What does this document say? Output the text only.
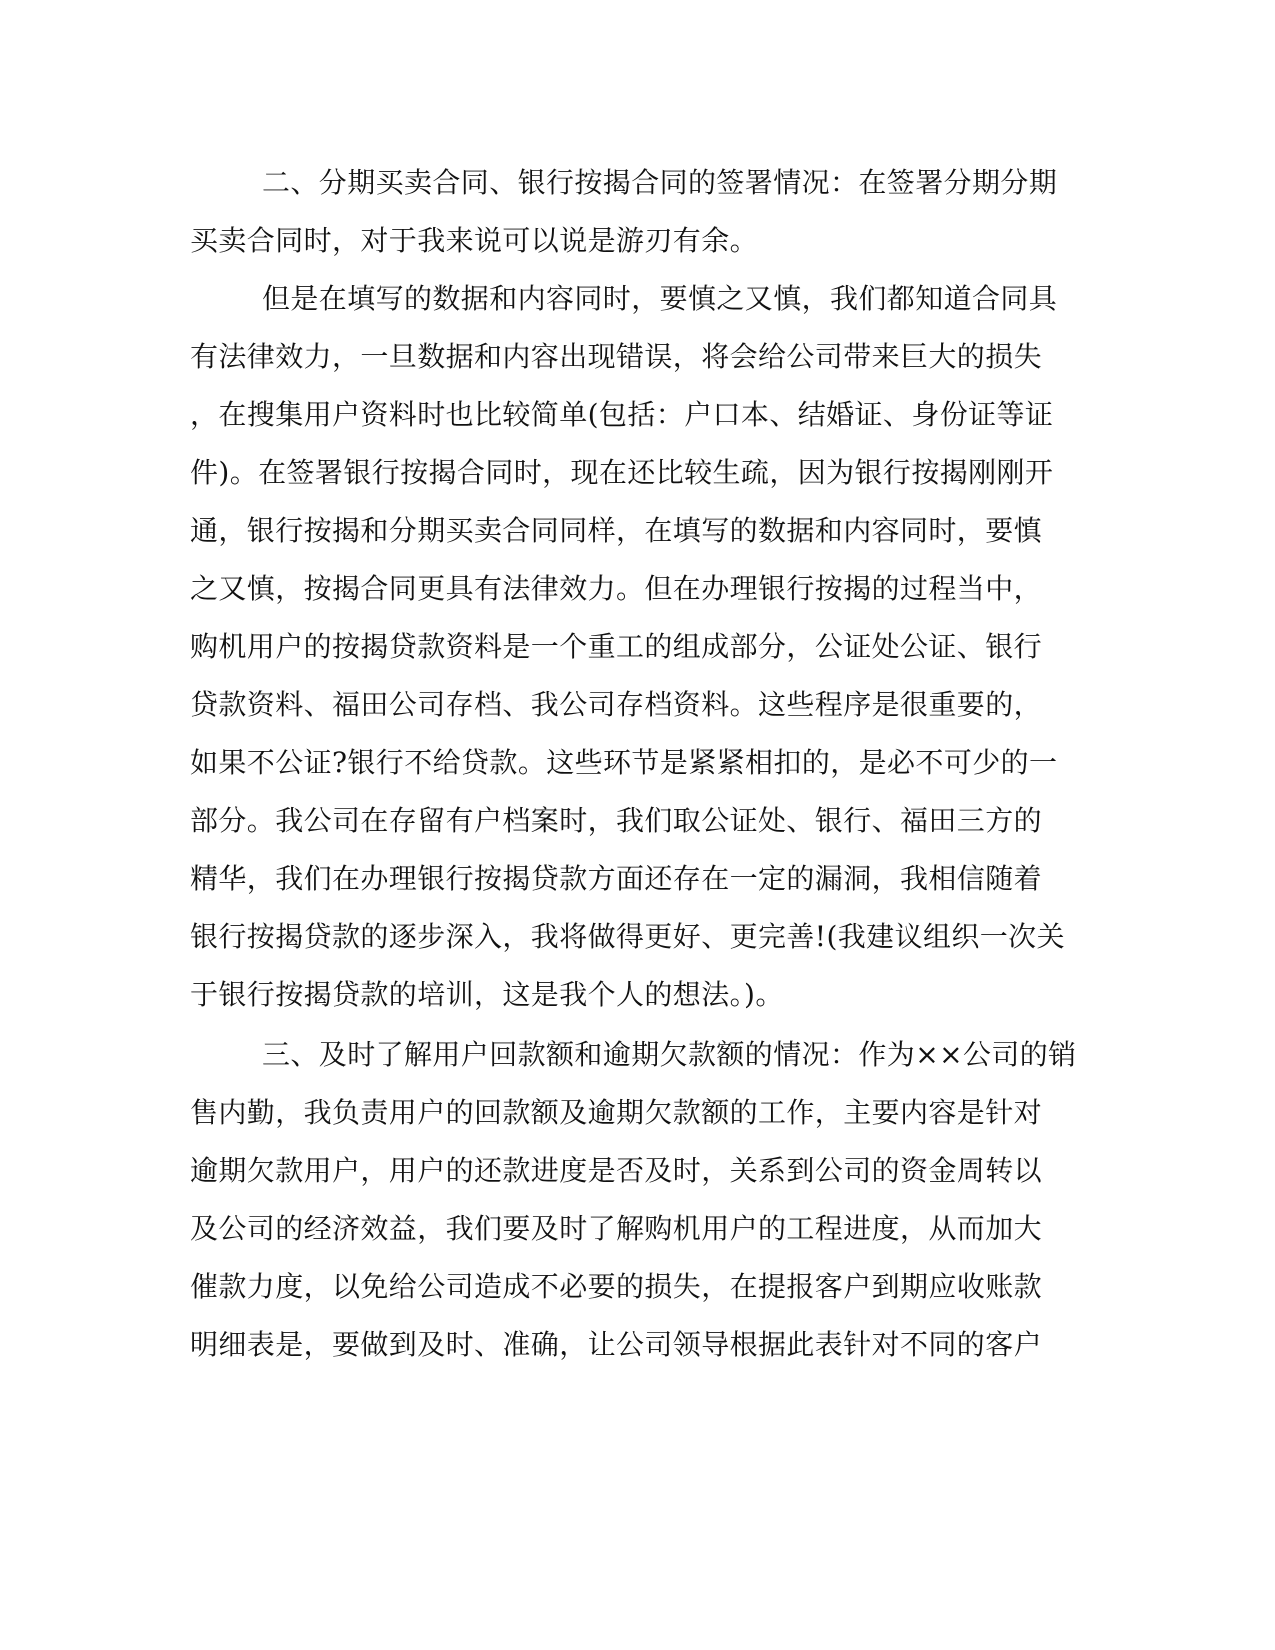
二、分期买卖合同、银行按揭合同的签署情况：在签署分期分期

买卖合同时，对于我来说可以说是游刃有余。

但是在填写的数据和内容同时，要慎之又慎，我们都知道合同具

有法律效力，一旦数据和内容出现错误，将会给公司带来巨大的损失

，在搜集用户资料时也比较简单(包括：户口本、结婚证、身份证等证

件)。在签署银行按揭合同时，现在还比较生疏，因为银行按揭刚刚开

通，银行按揭和分期买卖合同同样，在填写的数据和内容同时，要慎

之又慎，按揭合同更具有法律效力。但在办理银行按揭的过程当中，

购机用户的按揭贷款资料是一个重工的组成部分，公证处公证、银行

贷款资料、福田公司存档、我公司存档资料。这些程序是很重要的，

如果不公证?银行不给贷款。这些环节是紧紧相扣的，是必不可少的一

部分。我公司在存留有户档案时，我们取公证处、银行、福田三方的

精华，我们在办理银行按揭贷款方面还存在一定的漏洞，我相信随着

银行按揭贷款的逐步深入，我将做得更好、更完善!(我建议组织一次关

于银行按揭贷款的培训，这是我个人的想法。)。

三、及时了解用户回款额和逾期欠款额的情况：作为××公司的销

售内勤，我负责用户的回款额及逾期欠款额的工作，主要内容是针对

逾期欠款用户，用户的还款进度是否及时，关系到公司的资金周转以

及公司的经济效益，我们要及时了解购机用户的工程进度，从而加大

催款力度，以免给公司造成不必要的损失，在提报客户到期应收账款

明细表是，要做到及时、准确，让公司领导根据此表针对不同的客户
